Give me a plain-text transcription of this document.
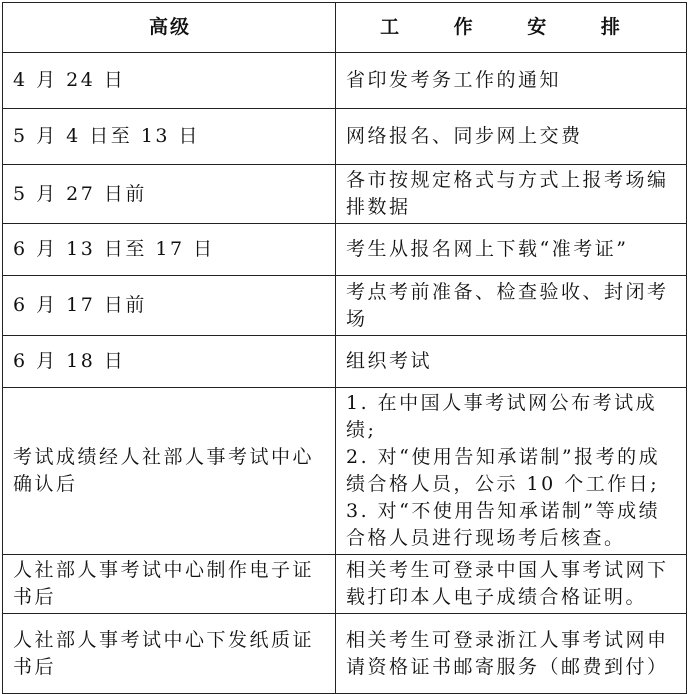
高级	工 作 安 排
4 月 24 日	省印发考务工作的通知
5 月 4 日至 13 日	网络报名、同步网上交费
5 月 27 日前	各市按规定格式与方式上报考场编排数据
6 月 13 日至 17 日	考生从报名网上下载“准考证”
6 月 17 日前	考点考前准备、检查验收、封闭考场
6 月 18 日	组织考试
考试成绩经人社部人事考试中心确认后	1. 在中国人事考试网公布考试成绩;
2. 对“使用告知承诺制”报考的成绩合格人员，公示 10 个工作日;
3. 对“不使用告知承诺制”等成绩合格人员进行现场考后核查。

人社部人事考试中心制作电子证书后	相关考生可登录中国人事考试网下载打印本人电子成绩合格证明。
人社部人事考试中心下发纸质证书后	相关考生可登录浙江人事考试网申请资格证书邮寄服务（邮费到付）
